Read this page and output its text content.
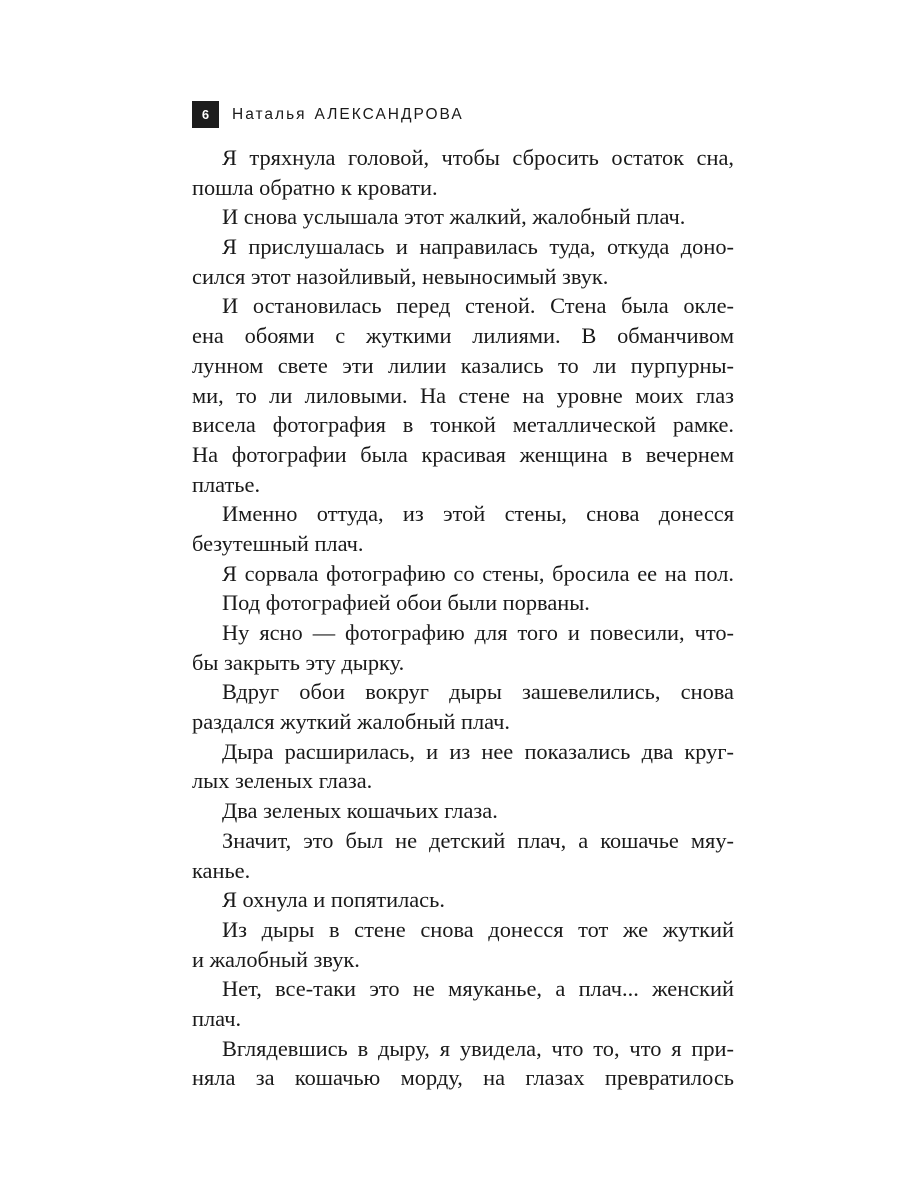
6	Наталья АЛЕКСАНДРОВА
Я тряхнула головой, чтобы сбросить остаток сна,
пошла обратно к кровати.
И снова услышала этот жалкий, жалобный плач.
Я прислушалась и направилась туда, откуда доно-
сился этот назойливый, невыносимый звук.
И остановилась перед стеной. Стена была окле-
ена обоями с жуткими лилиями. В обманчивом
лунном свете эти лилии казались то ли пурпурны-
ми, то ли лиловыми. На стене на уровне моих глаз
висела фотография в тонкой металлической рамке.
На фотографии была красивая женщина в вечернем
платье.
Именно оттуда, из этой стены, снова донесся
безутешный плач.
Я сорвала фотографию со стены, бросила ее на пол.
Под фотографией обои были порваны.
Ну ясно — фотографию для того и повесили, что-
бы закрыть эту дырку.
Вдруг обои вокруг дыры зашевелились, снова
раздался жуткий жалобный плач.
Дыра расширилась, и из нее показались два круг-
лых зеленых глаза.
Два зеленых кошачьих глаза.
Значит, это был не детский плач, а кошачье мяу-
канье.
Я охнула и попятилась.
Из дыры в стене снова донесся тот же жуткий
и жалобный звук.
Нет, все-таки это не мяуканье, а плач... женский
плач.
Вглядевшись в дыру, я увидела, что то, что я при-
няла за кошачью морду, на глазах превратилось
